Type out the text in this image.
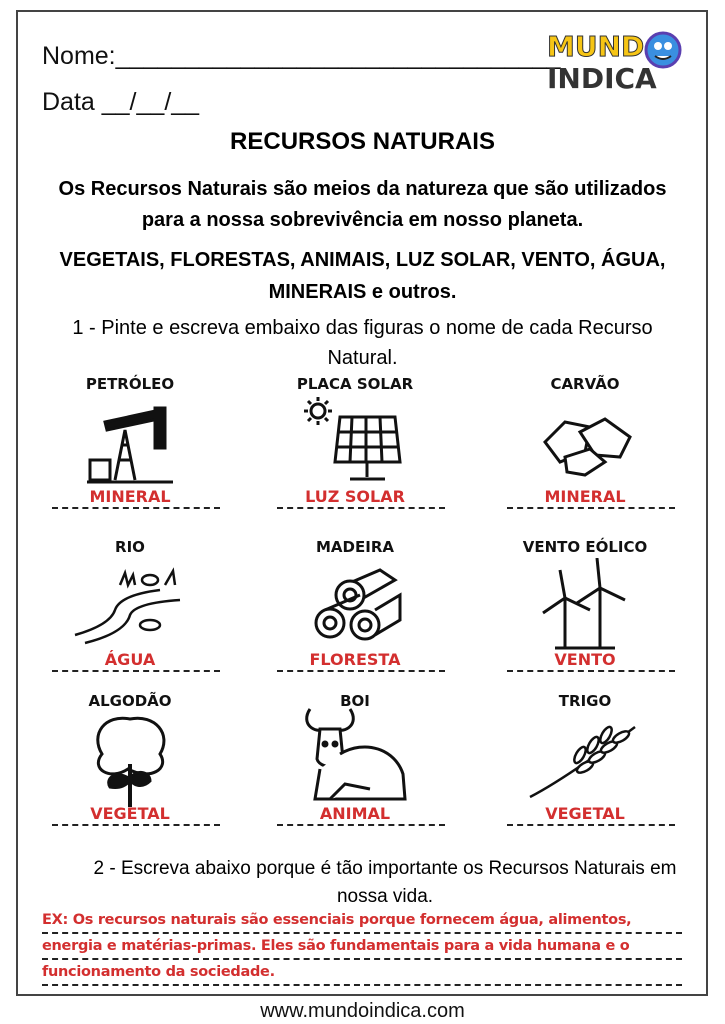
Nome:________________________________
Data __/__/__
MUND
INDICA
RECURSOS NATURAIS
Os Recursos Naturais são meios da natureza que são utilizados para a nossa sobrevivência em nosso planeta.
VEGETAIS, FLORESTAS, ANIMAIS, LUZ SOLAR, VENTO, ÁGUA, MINERAIS e outros.
1 - Pinte e escreva embaixo das figuras o nome de cada Recurso Natural.
PETRÓLEO
MINERAL
PLACA SOLAR
LUZ SOLAR
CARVÃO
MINERAL
RIO
ÁGUA
MADEIRA
FLORESTA
VENTO EÓLICO
VENTO
ALGODÃO
VEGETAL
BOI
ANIMAL
TRIGO
VEGETAL
2 - Escreva abaixo porque é tão importante os Recursos Naturais em nossa vida.
EX: Os recursos naturais são essenciais porque fornecem água, alimentos,
energia e matérias-primas. Eles são fundamentais para a vida humana e o
funcionamento da sociedade.
www.mundoindica.com
